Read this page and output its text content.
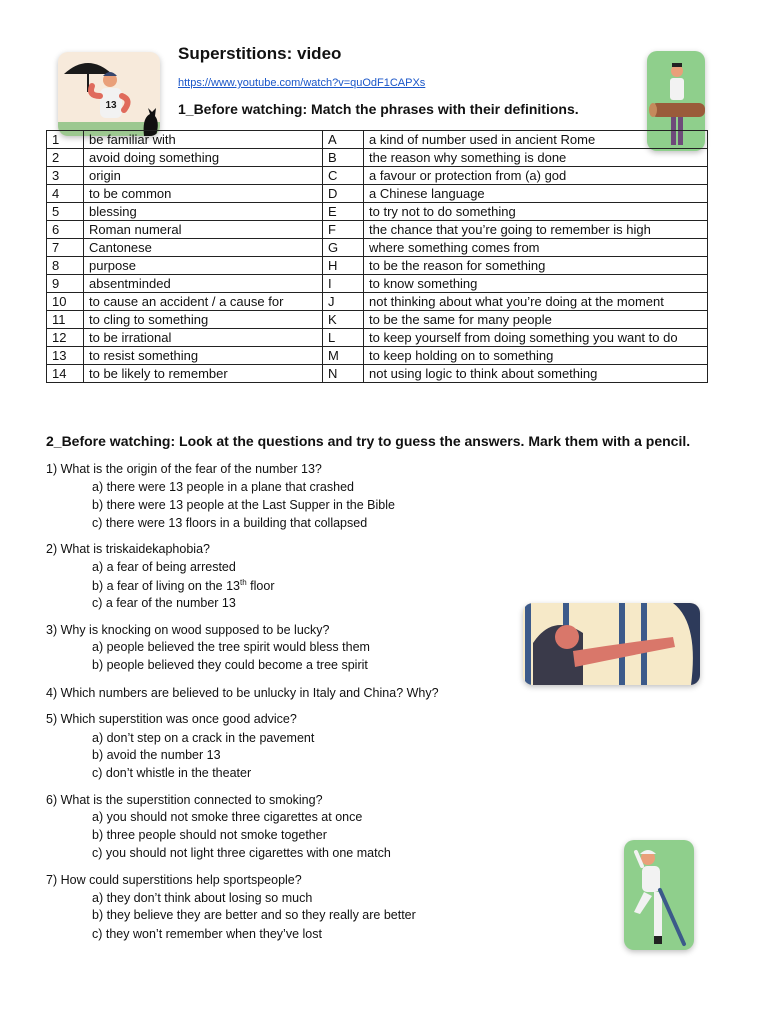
Superstitions: video
https://www.youtube.com/watch?v=quOdF1CAPXs
1_Before watching: Match the phrases with their definitions.
13
1	be familiar with	A	a kind of number used in ancient Rome
2	avoid doing something	B	the reason why something is done
3	origin	C	a favour or protection from (a) god
4	to be common	D	a Chinese language
5	blessing	E	to try not to do something
6	Roman numeral	F	the chance that you’re going to remember is high
7	Cantonese	G	where something comes from
8	purpose	H	to be the reason for something
9	absentminded	I	to know something
10	to cause an accident / a cause for	J	not thinking about what you’re doing at the moment
11	to cling to something	K	to be the same for many people
12	to be irrational	L	to keep yourself from doing something you want to do
13	to resist something	M	to keep holding on to something
14	to be likely to remember	N	not using logic to think about something
2_Before watching: Look at the questions and try to guess the answers. Mark them with a pencil.
1) What is the origin of the fear of the number 13?
a) there were 13 people in a plane that crashed
b) there were 13 people at the Last Supper in the Bible
c) there were 13 floors in a building that collapsed
2) What is triskaidekaphobia?
a) a fear of being arrested
b) a fear of living on the 13th floor
c) a fear of the number 13
3) Why is knocking on wood supposed to be lucky?
a) people believed the tree spirit would bless them
b) people believed they could become a tree spirit
4) Which numbers are believed to be unlucky in Italy and China? Why?
5) Which superstition was once good advice?
a) don’t step on a crack in the pavement
b) avoid the number 13
c) don’t whistle in the theater
6) What is the superstition connected to smoking?
a) you should not smoke three cigarettes at once
b) three people should not smoke together
c) you should not light three cigarettes with one match
7) How could superstitions help sportspeople?
a) they don’t think about losing so much
b) they believe they are better and so they really are better
c) they won’t remember when they’ve lost
